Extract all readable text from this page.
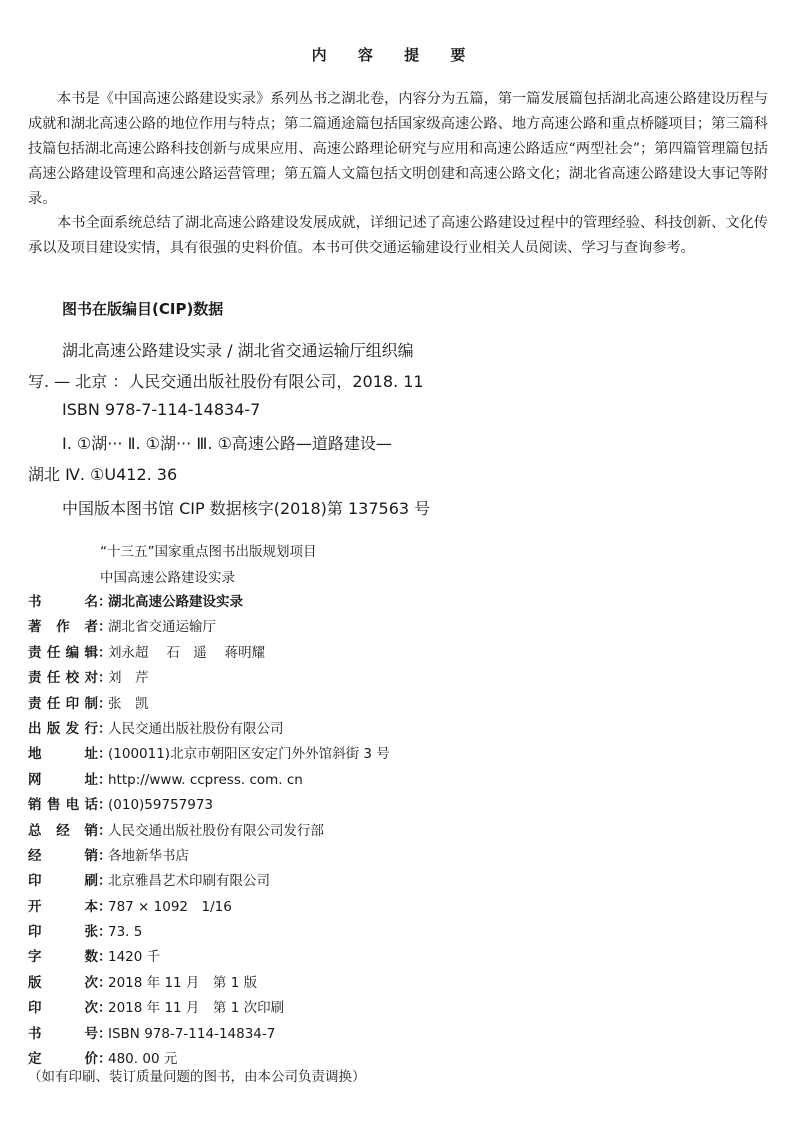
内 容 提 要

本书是《中国高速公路建设实录》系列丛书之湖北卷，内容分为五篇，第一篇发展篇包括湖北高速公路建设历程与成就和湖北高速公路的地位作用与特点；第二篇通途篇包括国家级高速公路、地方高速公路和重点桥隧项目；第三篇科技篇包括湖北高速公路科技创新与成果应用、高速公路理论研究与应用和高速公路适应“两型社会”；第四篇管理篇包括高速公路建设管理和高速公路运营管理；第五篇人文篇包括文明创建和高速公路文化；湖北省高速公路建设大事记等附录。

本书全面系统总结了湖北高速公路建设发展成就，详细记述了高速公路建设过程中的管理经验、科技创新、文化传承以及项目建设实情，具有很强的史料价值。本书可供交通运输建设行业相关人员阅读、学习与查询参考。

图书在版编目(CIP)数据
湖北高速公路建设实录 / 湖北省交通运输厅组织编
写. — 北京 ：人民交通出版社股份有限公司，2018. 11
ISBN 978-7-114-14834-7
Ⅰ. ①湖··· Ⅱ. ①湖··· Ⅲ. ①高速公路—道路建设—
湖北 Ⅳ. ①U412. 36
中国版本图书馆 CIP 数据核字(2018)第 137563 号
“十三五”国家重点图书出版规划项目
中国高速公路建设实录
书	名 ：
湖北高速公路建设实录
著 作 者 ：
湖北省交通运输厅
责 任 编 辑 ：
刘永超　 石　遥　 蒋明耀
责 任 校 对 ：
刘　芹
责 任 印 制 ：
张　凯
出 版 发 行 ：
人民交通出版社股份有限公司
地	址 ：
(100011)北京市朝阳区安定门外外馆斜街 3 号
网	址 ：
http://www. ccpress. com. cn
销 售 电 话 ：
(010)59757973
总 经 销 ：
人民交通出版社股份有限公司发行部
经	销 ：
各地新华书店
印	刷 ：
北京雅昌艺术印刷有限公司
开	本 ：
787 × 1092　1/16
印	张 ：
73. 5
字	数 ：
1420 千
版	次 ：
2018 年 11 月　第 1 版
印	次 ：
2018 年 11 月　第 1 次印刷
书	号 ：
ISBN 978-7-114-14834-7
定	价 ：
480. 00 元
（如有印刷、装订质量问题的图书，由本公司负责调换）
